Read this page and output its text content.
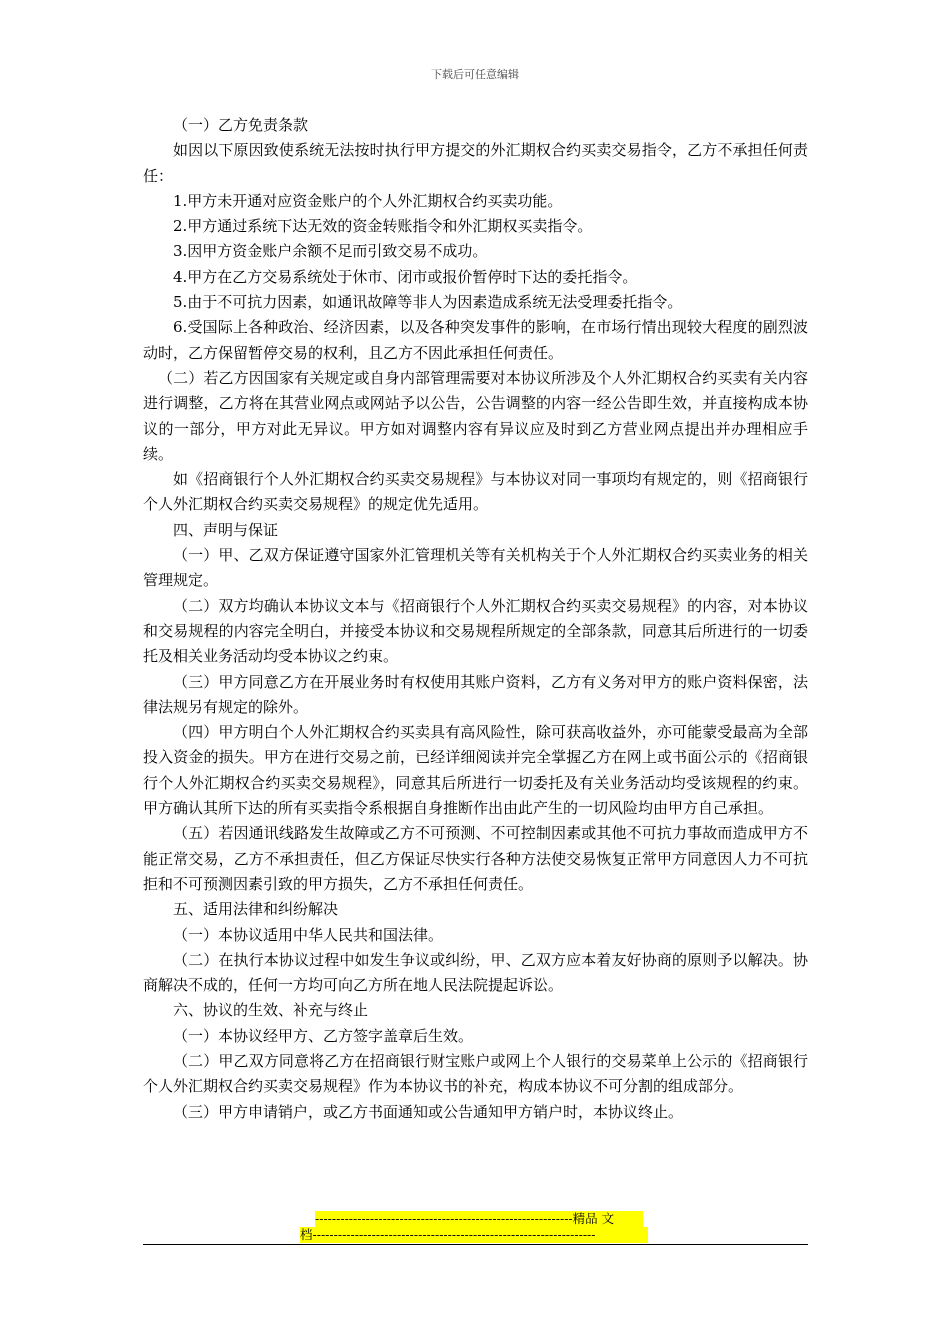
下载后可任意编辑

（一）乙方免责条款

如因以下原因致使系统无法按时执行甲方提交的外汇期权合约买卖交易指令，乙方不承担任何责任：

1.甲方未开通对应资金账户的个人外汇期权合约买卖功能。

2.甲方通过系统下达无效的资金转账指令和外汇期权买卖指令。

3.因甲方资金账户余额不足而引致交易不成功。

4.甲方在乙方交易系统处于休市、闭市或报价暂停时下达的委托指令。

5.由于不可抗力因素，如通讯故障等非人为因素造成系统无法受理委托指令。

6.受国际上各种政治、经济因素，以及各种突发事件的影响，在市场行情出现较大程度的剧烈波动时，乙方保留暂停交易的权利，且乙方不因此承担任何责任。

（二）若乙方因国家有关规定或自身内部管理需要对本协议所涉及个人外汇期权合约买卖有关内容进行调整，乙方将在其营业网点或网站予以公告，公告调整的内容一经公告即生效，并直接构成本协议的一部分，甲方对此无异议。甲方如对调整内容有异议应及时到乙方营业网点提出并办理相应手续。

如《招商银行个人外汇期权合约买卖交易规程》与本协议对同一事项均有规定的，则《招商银行个人外汇期权合约买卖交易规程》的规定优先适用。

四、声明与保证

（一）甲、乙双方保证遵守国家外汇管理机关等有关机构关于个人外汇期权合约买卖业务的相关管理规定。

（二）双方均确认本协议文本与《招商银行个人外汇期权合约买卖交易规程》的内容，对本协议和交易规程的内容完全明白，并接受本协议和交易规程所规定的全部条款，同意其后所进行的一切委托及相关业务活动均受本协议之约束。

（三）甲方同意乙方在开展业务时有权使用其账户资料，乙方有义务对甲方的账户资料保密，法律法规另有规定的除外。

（四）甲方明白个人外汇期权合约买卖具有高风险性，除可获高收益外，亦可能蒙受最高为全部投入资金的损失。甲方在进行交易之前，已经详细阅读并完全掌握乙方在网上或书面公示的《招商银行个人外汇期权合约买卖交易规程》，同意其后所进行一切委托及有关业务活动均受该规程的约束。甲方确认其所下达的所有买卖指令系根据自身推断作出由此产生的一切风险均由甲方自己承担。

（五）若因通讯线路发生故障或乙方不可预测、不可控制因素或其他不可抗力事故而造成甲方不能正常交易，乙方不承担责任，但乙方保证尽快实行各种方法使交易恢复正常甲方同意因人力不可抗拒和不可预测因素引致的甲方损失，乙方不承担任何责任。

五、适用法律和纠纷解决

（一）本协议适用中华人民共和国法律。

（二）在执行本协议过程中如发生争议或纠纷，甲、乙双方应本着友好协商的原则予以解决。协商解决不成的，任何一方均可向乙方所在地人民法院提起诉讼。

六、协议的生效、补充与终止

（一）本协议经甲方、乙方签字盖章后生效。

（二）甲乙双方同意将乙方在招商银行财宝账户或网上个人银行的交易菜单上公示的《招商银行个人外汇期权合约买卖交易规程》作为本协议书的补充，构成本协议不可分割的组成部分。

（三）甲方申请销户，或乙方书面通知或公告通知甲方销户时，本协议终止。

-------------------------------------------------------------精品 文
档-------------------------------------------------------------------
